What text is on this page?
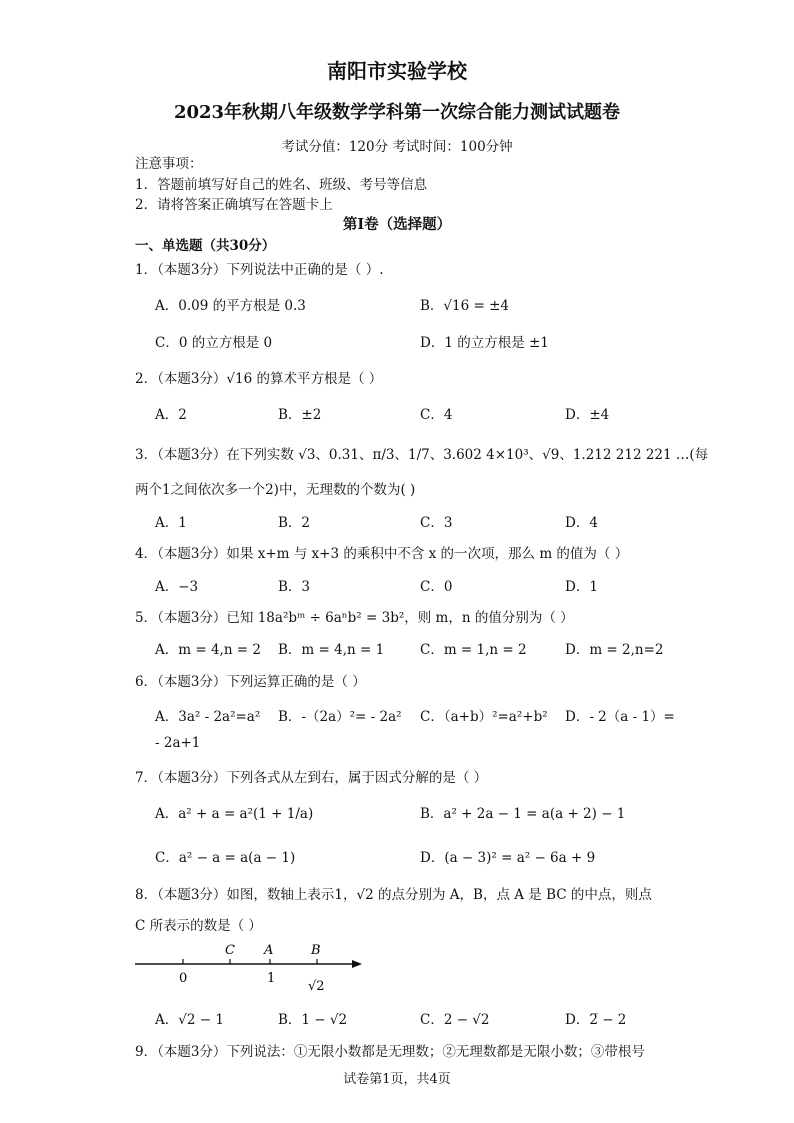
南阳市实验学校
2023年秋期八年级数学学科第一次综合能力测试试题卷
考试分值：120分 考试时间：100分钟
注意事项：
1．答题前填写好自己的姓名、班级、考号等信息
2．请将答案正确填写在答题卡上
第Ⅰ卷（选择题）
一、单选题（共30分）
1．（本题3分）下列说法中正确的是（ ）.
A．0.09 的平方根是 0.3	B．√16 = ±4
C．0 的立方根是 0	D．1 的立方根是 ±1
2．（本题3分）√16 的算术平方根是（ ）
A．2	B．±2	C．4	D．±4
3．（本题3分）在下列实数 √3、0.31、π/3、1/7、3.602 4×10³、√9、1.212 212 221 …(每
两个1之间依次多一个2)中，无理数的个数为( )
A．1	B．2	C．3	D．4
4．（本题3分）如果 x+m 与 x+3 的乘积中不含 x 的一次项，那么 m 的值为（ ）
A．−3	B．3	C．0	D．1
5．（本题3分）已知 18a²bᵐ ÷ 6aⁿb² = 3b²，则 m，n 的值分别为（ ）
A．m = 4,n = 2 B．m = 4,n = 1	C．m = 1,n = 2	D．m = 2,n=2
6．（本题3分）下列运算正确的是（ ）
A．3a² - 2a²=a² B．-（2a）²= - 2a² C．（a+b）²=a²+b² D．- 2（a - 1）=
- 2a+1
7．（本题3分）下列各式从左到右，属于因式分解的是（ ）
A．a² + a = a²(1 + 1/a)	B．a² + 2a − 1 = a(a + 2) − 1
C．a² − a = a(a − 1)	D．(a − 3)² = a² − 6a + 9
8．（本题3分）如图，数轴上表示1，√2 的点分别为 A，B，点 A 是 BC 的中点，则点
C 所表示的数是（ ）
C A	B
0	1
√2
A．√2 − 1	B．1 − √2	C．2 − √2	D．2̅ − 2
9．（本题3分）下列说法：①无限小数都是无理数；②无理数都是无限小数；③带根号
试卷第1页，共4页
